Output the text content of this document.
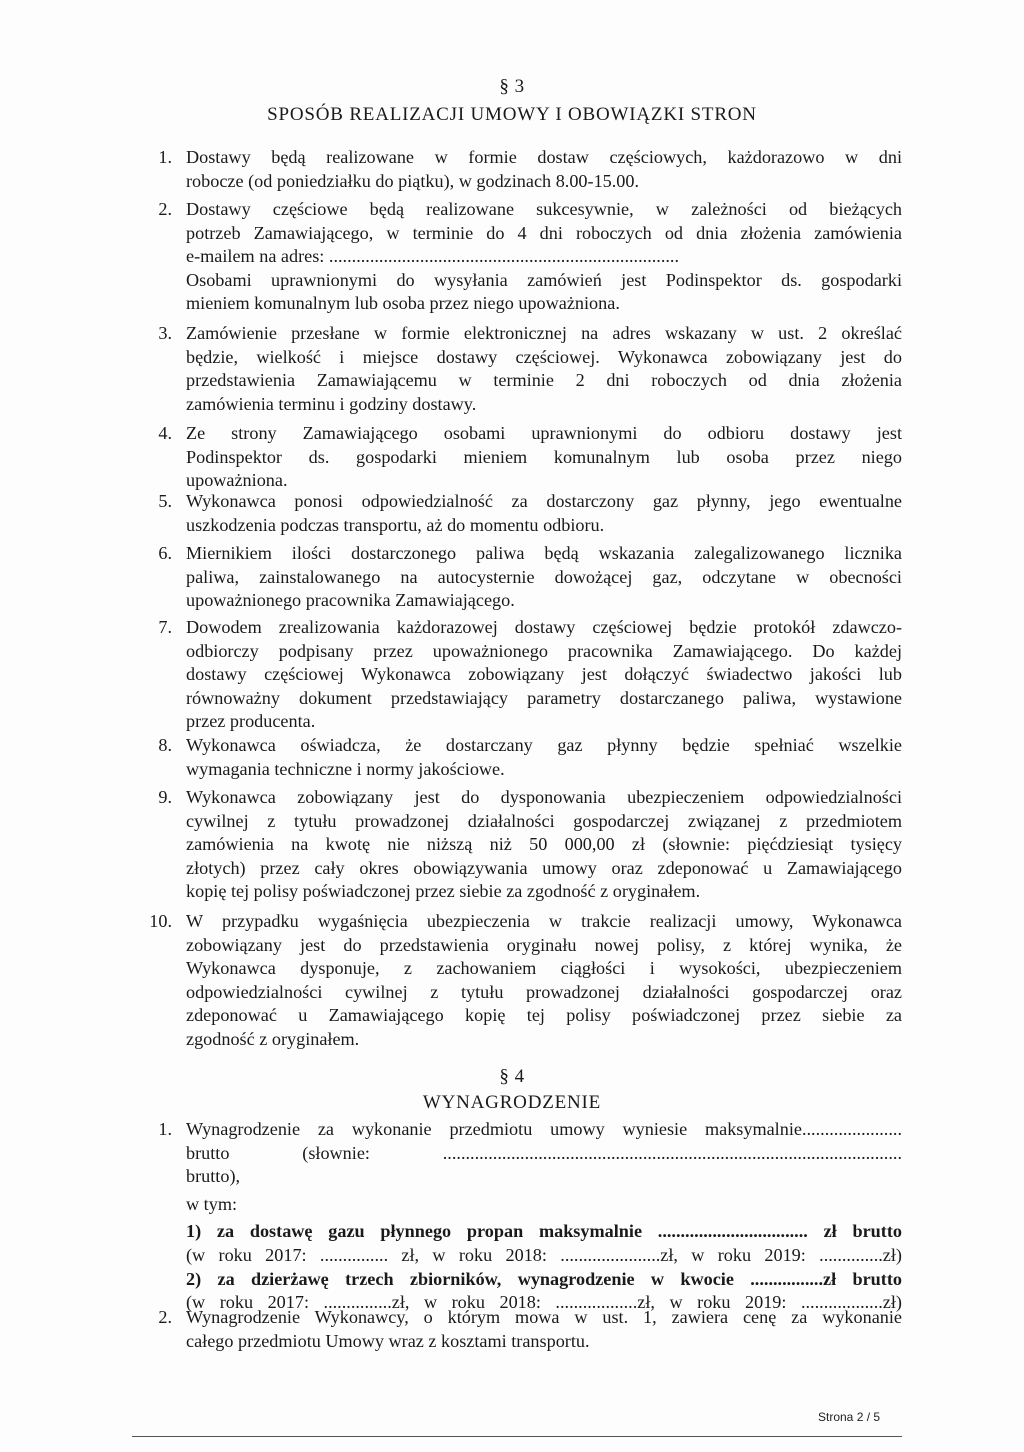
§ 3
SPOSÓB REALIZACJI UMOWY I OBOWIĄZKI STRON
1. Dostawy będą realizowane w formie dostaw częściowych, każdorazowo w dni
robocze (od poniedziałku do piątku), w godzinach 8.00-15.00.
2. Dostawy częściowe będą realizowane sukcesywnie, w zależności od bieżących
potrzeb Zamawiającego, w terminie do 4 dni roboczych od dnia złożenia zamówienia
e-mailem na adres: .............................................................................
Osobami uprawnionymi do wysyłania zamówień jest Podinspektor ds. gospodarki
mieniem komunalnym lub osoba przez niego upoważniona.
3. Zamówienie przesłane w formie elektronicznej na adres wskazany w ust. 2 określać
będzie, wielkość i miejsce dostawy częściowej. Wykonawca zobowiązany jest do
przedstawienia Zamawiającemu w terminie 2 dni roboczych od dnia złożenia
zamówienia terminu i godziny dostawy.
4. Ze strony Zamawiającego osobami uprawnionymi do odbioru dostawy jest
Podinspektor ds. gospodarki mieniem komunalnym lub osoba przez niego
upoważniona.
5. Wykonawca ponosi odpowiedzialność za dostarczony gaz płynny, jego ewentualne
uszkodzenia podczas transportu, aż do momentu odbioru.
6. Miernikiem ilości dostarczonego paliwa będą wskazania zalegalizowanego licznika
paliwa, zainstalowanego na autocysternie dowożącej gaz, odczytane w obecności
upoważnionego pracownika Zamawiającego.
7. Dowodem zrealizowania każdorazowej dostawy częściowej będzie protokół zdawczo-
odbiorczy podpisany przez upoważnionego pracownika Zamawiającego. Do każdej
dostawy częściowej Wykonawca zobowiązany jest dołączyć świadectwo jakości lub
równoważny dokument przedstawiający parametry dostarczanego paliwa, wystawione
przez producenta.
8. Wykonawca oświadcza, że dostarczany gaz płynny będzie spełniać wszelkie
wymagania techniczne i normy jakościowe.
9. Wykonawca zobowiązany jest do dysponowania ubezpieczeniem odpowiedzialności
cywilnej z tytułu prowadzonej działalności gospodarczej związanej z przedmiotem
zamówienia na kwotę nie niższą niż 50 000,00 zł (słownie: pięćdziesiąt tysięcy
złotych) przez cały okres obowiązywania umowy oraz zdeponować u Zamawiającego
kopię tej polisy poświadczonej przez siebie za zgodność z oryginałem.
10. W przypadku wygaśnięcia ubezpieczenia w trakcie realizacji umowy, Wykonawca
zobowiązany jest do przedstawienia oryginału nowej polisy, z której wynika, że
Wykonawca dysponuje, z zachowaniem ciągłości i wysokości, ubezpieczeniem
odpowiedzialności cywilnej z tytułu prowadzonej działalności gospodarczej oraz
zdeponować u Zamawiającego kopię tej polisy poświadczonej przez siebie za
zgodność z oryginałem.
§ 4
WYNAGRODZENIE
1. Wynagrodzenie za wykonanie przedmiotu umowy wyniesie maksymalnie......................
brutto (słownie: .....................................................................................................
brutto),
w tym:
1) za dostawę gazu płynnego propan maksymalnie ................................. zł brutto
(w roku 2017: ............... zł, w roku 2018: ......................zł, w roku 2019: ..............zł)
2) za dzierżawę trzech zbiorników, wynagrodzenie w kwocie ................zł brutto
(w roku 2017: ...............zł, w roku 2018: ..................zł, w roku 2019: ..................zł)
2. Wynagrodzenie Wykonawcy, o którym mowa w ust. 1, zawiera cenę za wykonanie
całego przedmiotu Umowy wraz z kosztami transportu.
Strona 2 / 5
